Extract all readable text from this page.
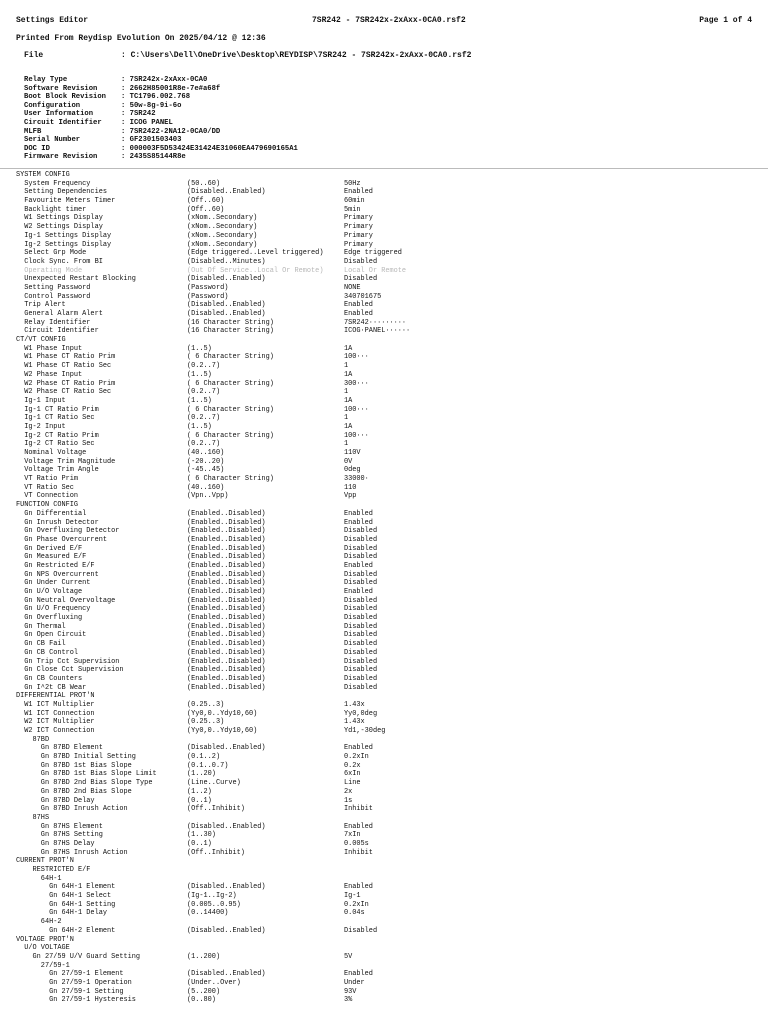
Settings Editor	7SR242 - 7SR242x-2xAxx-0CA0.rsf2	Page 1 of 4
Printed From Reydisp Evolution On 2025/04/12 @ 12:36
File	: C:\Users\Dell\OneDrive\Desktop\REYDISP\7SR242 - 7SR242x-2xAxx-0CA0.rsf2
Relay Type	: 7SR242x-2xAxx-0CA0
Software Revision	: 2662H85001R8e-7e#a68f
Boot Block Revision : TC1796.002.768
Configuration	: 50w-8g-9i-6o
User Information	: 7SR242
Circuit Identifier	: ICOG PANEL
MLFB	: 7SR2422-2NA12-0CA0/DD
Serial Number	: GF2301503403
DOC ID	: 000003F5D53424E31424E31060EA479690165A1
Firmware Revision	: 2435S85144R8e
SYSTEM CONFIG
System Frequency	(50..60)	50Hz
Setting Dependencies	(Disabled..Enabled)	Enabled
Favourite Meters Timer	(Off..60)	60min
Backlight timer	(Off..60)	5min
W1 Settings Display	(xNom..Secondary)	Primary
W2 Settings Display	(xNom..Secondary)	Primary
Ig-1 Settings Display	(xNom..Secondary)	Primary
Ig-2 Settings Display	(xNom..Secondary)	Primary
Select Grp Mode	(Edge triggered..Level triggered)	Edge triggered
Clock Sync. From BI	(Disabled..Minutes)	Disabled
Operating Mode	(Out Of Service..Local Or Remote)	Local Or Remote
Unexpected Restart Blocking	(Disabled..Enabled)	Disabled
Setting Password	(Password)	NONE
Control Password	(Password)	340701675
Trip Alert	(Disabled..Enabled)	Enabled
General Alarm Alert	(Disabled..Enabled)	Enabled
Relay Identifier	(16 Character String)	7SR242·········
Circuit Identifier	(16 Character String)	ICOG·PANEL······
CT/VT CONFIG
W1 Phase Input	(1..5)	1A
W1 Phase CT Ratio Prim	( 6 Character String)	100···
W1 Phase CT Ratio Sec	(0.2..7)	1
W2 Phase Input	(1..5)	1A
W2 Phase CT Ratio Prim	( 6 Character String)	300···
W2 Phase CT Ratio Sec	(0.2..7)	1
Ig-1 Input	(1..5)	1A
Ig-1 CT Ratio Prim	( 6 Character String)	100···
Ig-1 CT Ratio Sec	(0.2..7)	1
Ig-2 Input	(1..5)	1A
Ig-2 CT Ratio Prim	( 6 Character String)	100···
Ig-2 CT Ratio Sec	(0.2..7)	1
Nominal Voltage	(40..160)	110V
Voltage Trim Magnitude	(-20..20)	0V
Voltage Trim Angle	(-45..45)	0deg
VT Ratio Prim	( 6 Character String)	33000·
VT Ratio Sec	(40..160)	110
VT Connection	(Vpn..Vpp)	Vpp
FUNCTION CONFIG
Gn Differential	(Enabled..Disabled)	Enabled
Gn Inrush Detector	(Enabled..Disabled)	Enabled
Gn Overfluxing Detector	(Enabled..Disabled)	Disabled
Gn Phase Overcurrent	(Enabled..Disabled)	Disabled
Gn Derived E/F	(Enabled..Disabled)	Disabled
Gn Measured E/F	(Enabled..Disabled)	Disabled
Gn Restricted E/F	(Enabled..Disabled)	Enabled
Gn NPS Overcurrent	(Enabled..Disabled)	Disabled
Gn Under Current	(Enabled..Disabled)	Disabled
Gn U/O Voltage	(Enabled..Disabled)	Enabled
Gn Neutral Overvoltage	(Enabled..Disabled)	Disabled
Gn U/O Frequency	(Enabled..Disabled)	Disabled
Gn Overfluxing	(Enabled..Disabled)	Disabled
Gn Thermal	(Enabled..Disabled)	Disabled
Gn Open Circuit	(Enabled..Disabled)	Disabled
Gn CB Fail	(Enabled..Disabled)	Disabled
Gn CB Control	(Enabled..Disabled)	Disabled
Gn Trip Cct Supervision	(Enabled..Disabled)	Disabled
Gn Close Cct Supervision	(Enabled..Disabled)	Disabled
Gn CB Counters	(Enabled..Disabled)	Disabled
Gn I^2t CB Wear	(Enabled..Disabled)	Disabled
DIFFERENTIAL PROT'N
W1 ICT Multiplier	(0.25..3)	1.43x
W1 ICT Connection	(Yy0,0..Ydy10,60)	Yy0,0deg
W2 ICT Multiplier	(0.25..3)	1.43x
W2 ICT Connection	(Yy0,0..Ydy10,60)	Yd1,-30deg
87BD
Gn 87BD Element	(Disabled..Enabled)	Enabled
Gn 87BD Initial Setting	(0.1..2)	0.2xIn
Gn 87BD 1st Bias Slope	(0.1..0.7)	0.2x
Gn 87BD 1st Bias Slope Limit	(1..20)	6xIn
Gn 87BD 2nd Bias Slope Type	(Line..Curve)	Line
Gn 87BD 2nd Bias Slope	(1..2)	2x
Gn 87BD Delay	(0..1)	1s
Gn 87BD Inrush Action	(Off..Inhibit)	Inhibit
87HS
Gn 87HS Element	(Disabled..Enabled)	Enabled
Gn 87HS Setting	(1..30)	7xIn
Gn 87HS Delay	(0..1)	0.005s
Gn 87HS Inrush Action	(Off..Inhibit)	Inhibit
CURRENT PROT'N
RESTRICTED E/F
64H-1
Gn 64H-1 Element	(Disabled..Enabled)	Enabled
Gn 64H-1 Select	(Ig-1..Ig-2)	Ig-1
Gn 64H-1 Setting	(0.005..0.95)	0.2xIn
Gn 64H-1 Delay	(0..14400)	0.04s
64H-2
Gn 64H-2 Element	(Disabled..Enabled)	Disabled
VOLTAGE PROT'N
U/O VOLTAGE
Gn 27/59 U/V Guard Setting	(1..200)	5V
27/59-1
Gn 27/59-1 Element	(Disabled..Enabled)	Enabled
Gn 27/59-1 Operation	(Under..Over)	Under
Gn 27/59-1 Setting	(5..200)	93V
Gn 27/59-1 Hysteresis	(0..80)	3%
